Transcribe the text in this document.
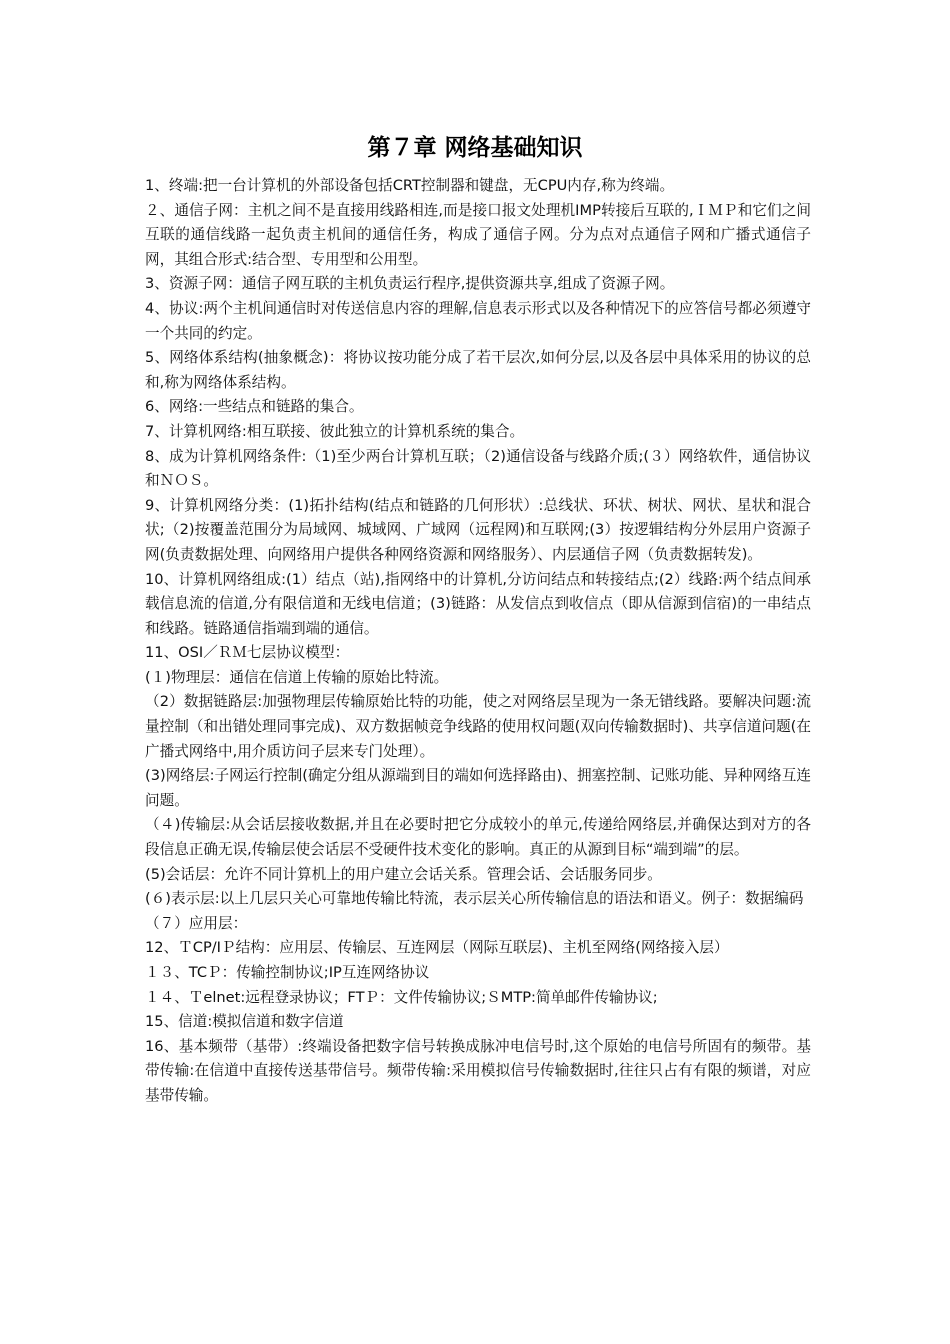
第７章 网络基础知识

1、终端:把一台计算机的外部设备包括CRT控制器和键盘，无CPU内存,称为终端。

２、通信子网：主机之间不是直接用线路相连,而是接口报文处理机IMP转接后互联的,ＩＭＰ和它们之间互联的通信线路一起负责主机间的通信任务，构成了通信子网。分为点对点通信子网和广播式通信子网，其组合形式:结合型、专用型和公用型。

3、资源子网：通信子网互联的主机负责运行程序,提供资源共享,组成了资源子网。

4、协议:两个主机间通信时对传送信息内容的理解,信息表示形式以及各种情况下的应答信号都必须遵守一个共同的约定。

5、网络体系结构(抽象概念)：将协议按功能分成了若干层次,如何分层,以及各层中具体采用的协议的总和,称为网络体系结构。

6、网络:一些结点和链路的集合。

7、计算机网络:相互联接、彼此独立的计算机系统的集合。

8、成为计算机网络条件:（1)至少两台计算机互联；（2)通信设备与线路介质;(３）网络软件，通信协议和ＮＯＳ。

9、计算机网络分类：(1)拓扑结构(结点和链路的几何形状）:总线状、环状、树状、网状、星状和混合状;（2)按覆盖范围分为局域网、城域网、广域网（远程网)和互联网;(3）按逻辑结构分外层用户资源子网(负责数据处理、向网络用户提供各种网络资源和网络服务）、内层通信子网（负责数据转发)。

10、计算机网络组成:(1）结点（站),指网络中的计算机,分访问结点和转接结点;(2）线路:两个结点间承载信息流的信道,分有限信道和无线电信道；(3)链路：从发信点到收信点（即从信源到信宿)的一串结点和线路。链路通信指端到端的通信。

11、OSI／ＲＭ七层协议模型：

(１)物理层：通信在信道上传输的原始比特流。

（2）数据链路层:加强物理层传输原始比特的功能，使之对网络层呈现为一条无错线路。要解决问题:流量控制（和出错处理同事完成)、双方数据帧竞争线路的使用权问题(双向传输数据时)、共享信道问题(在广播式网络中,用介质访问子层来专门处理）。

(3)网络层:子网运行控制(确定分组从源端到目的端如何选择路由)、拥塞控制、记账功能、异种网络互连问题。

（４)传输层:从会话层接收数据,并且在必要时把它分成较小的单元,传递给网络层,并确保达到对方的各段信息正确无误,传输层使会话层不受硬件技术变化的影响。真正的从源到目标“端到端”的层。

(5)会话层：允许不同计算机上的用户建立会话关系。管理会话、会话服务同步。

(６)表示层:以上几层只关心可靠地传输比特流，表示层关心所传输信息的语法和语义。例子：数据编码

（７）应用层：

12、ＴCP/IＰ结构：应用层、传输层、互连网层（网际互联层)、主机至网络(网络接入层）

１３、TCＰ：传输控制协议;IP互连网络协议

１４、Ｔelnet:远程登录协议；FTＰ：文件传输协议;ＳMTP:简单邮件传输协议;

15、信道:模拟信道和数字信道

16、基本频带（基带）:终端设备把数字信号转换成脉冲电信号时,这个原始的电信号所固有的频带。基带传输:在信道中直接传送基带信号。频带传输:采用模拟信号传输数据时,往往只占有有限的频谱，对应基带传输。
